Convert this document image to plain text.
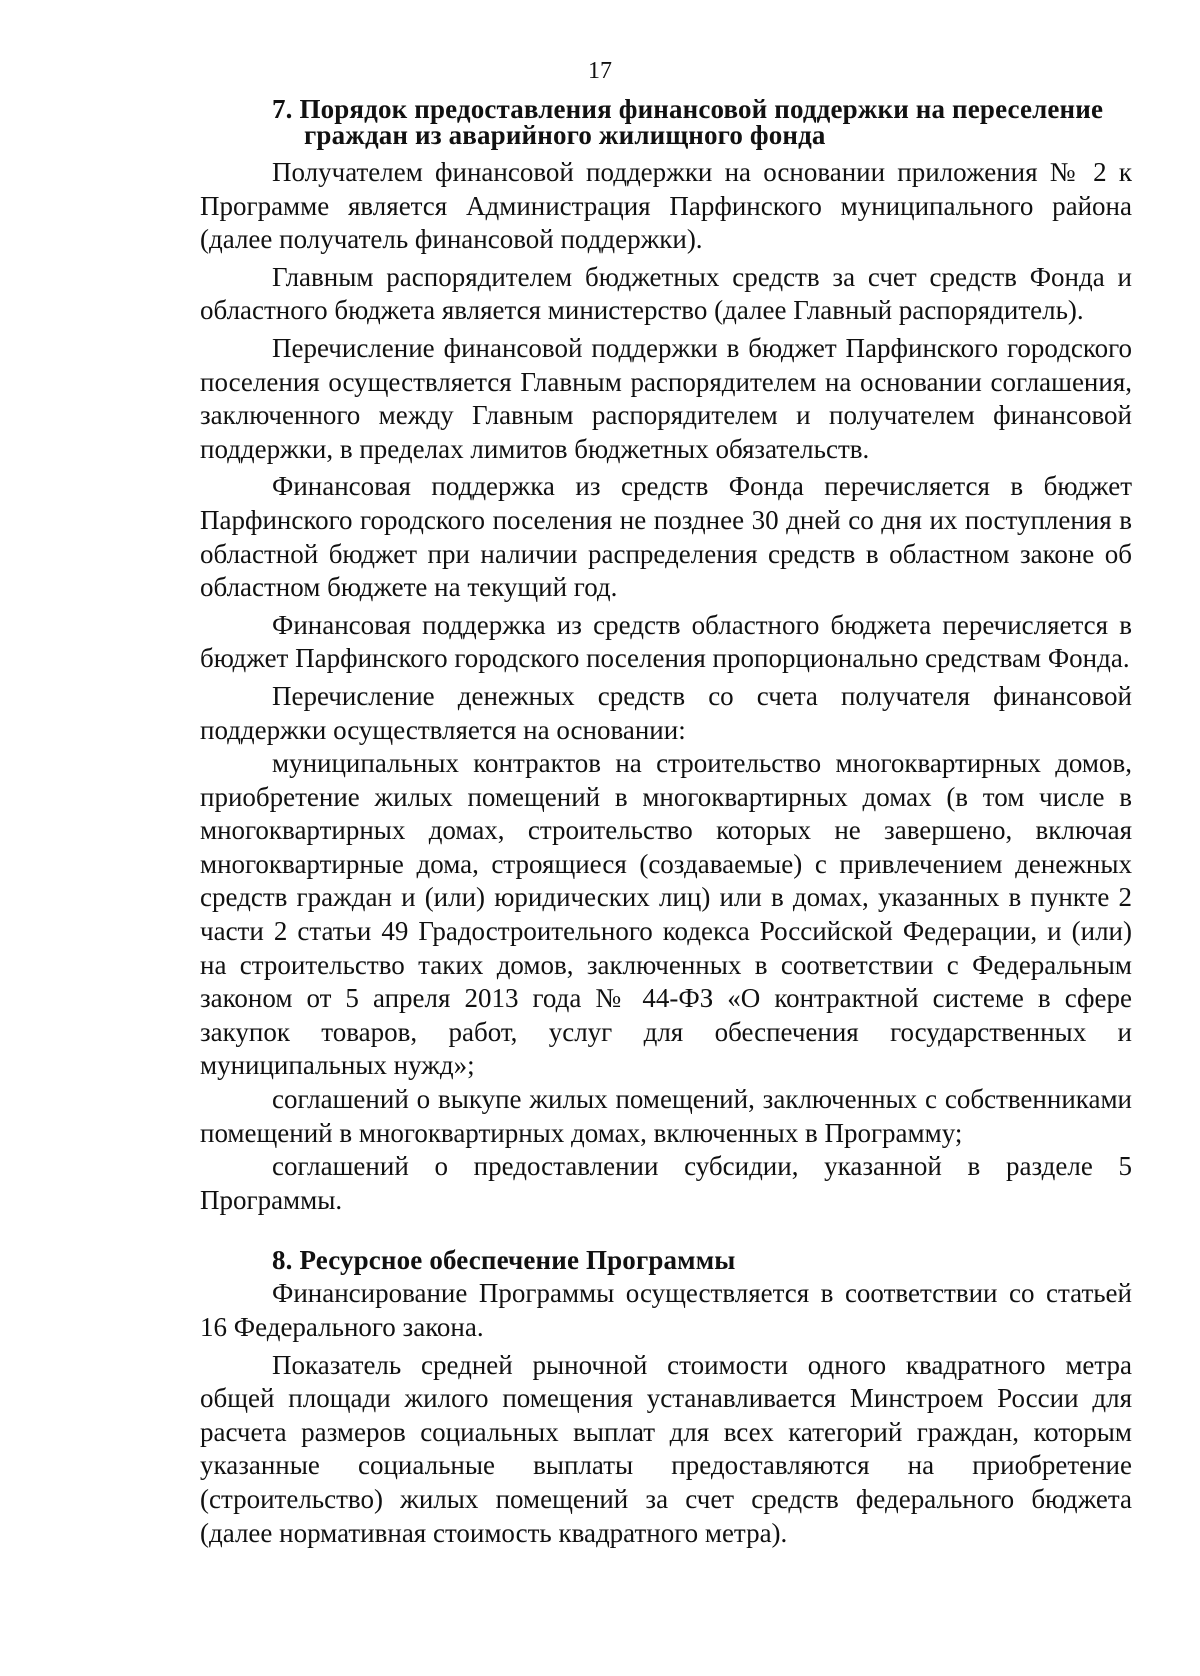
17
7. Порядок предоставления финансовой поддержки на переселение граждан из аварийного жилищного фонда

Получателем финансовой поддержки на основании приложения № 2 к Программе является Администрация Парфинского муниципального района (далее получатель финансовой поддержки).

Главным распорядителем бюджетных средств за счет средств Фонда и областного бюджета является министерство (далее Главный распорядитель).

Перечисление финансовой поддержки в бюджет Парфинского городского поселения осуществляется Главным распорядителем на основании соглашения, заключенного между Главным распорядителем и получателем финансовой поддержки, в пределах лимитов бюджетных обязательств.

Финансовая поддержка из средств Фонда перечисляется в бюджет Парфинского городского поселения не позднее 30 дней со дня их поступления в областной бюджет при наличии распределения средств в областном законе об областном бюджете на текущий год.

Финансовая поддержка из средств областного бюджета перечисляется в бюджет Парфинского городского поселения пропорционально средствам Фонда.

Перечисление денежных средств со счета получателя финансовой поддержки осуществляется на основании:

муниципальных контрактов на строительство многоквартирных домов, приобретение жилых помещений в многоквартирных домах (в том числе в многоквартирных домах, строительство которых не завершено, включая многоквартирные дома, строящиеся (создаваемые) с привлечением денежных средств граждан и (или) юридических лиц) или в домах, указанных в пункте 2 части 2 статьи 49 Градостроительного кодекса Российской Федерации, и (или) на строительство таких домов, заключенных в соответствии с Федеральным законом от 5 апреля 2013 года № 44-ФЗ «О контрактной системе в сфере закупок товаров, работ, услуг для обеспечения государственных и муниципальных нужд»;

соглашений о выкупе жилых помещений, заключенных с собственниками помещений в многоквартирных домах, включенных в Программу;

соглашений о предоставлении субсидии, указанной в разделе 5 Программы.

8. Ресурсное обеспечение Программы

Финансирование Программы осуществляется в соответствии со статьей 16 Федерального закона.

Показатель средней рыночной стоимости одного квадратного метра общей площади жилого помещения устанавливается Минстроем России для расчета размеров социальных выплат для всех категорий граждан, которым указанные социальные выплаты предоставляются на приобретение (строительство) жилых помещений за счет средств федерального бюджета (далее нормативная стоимость квадратного метра).
